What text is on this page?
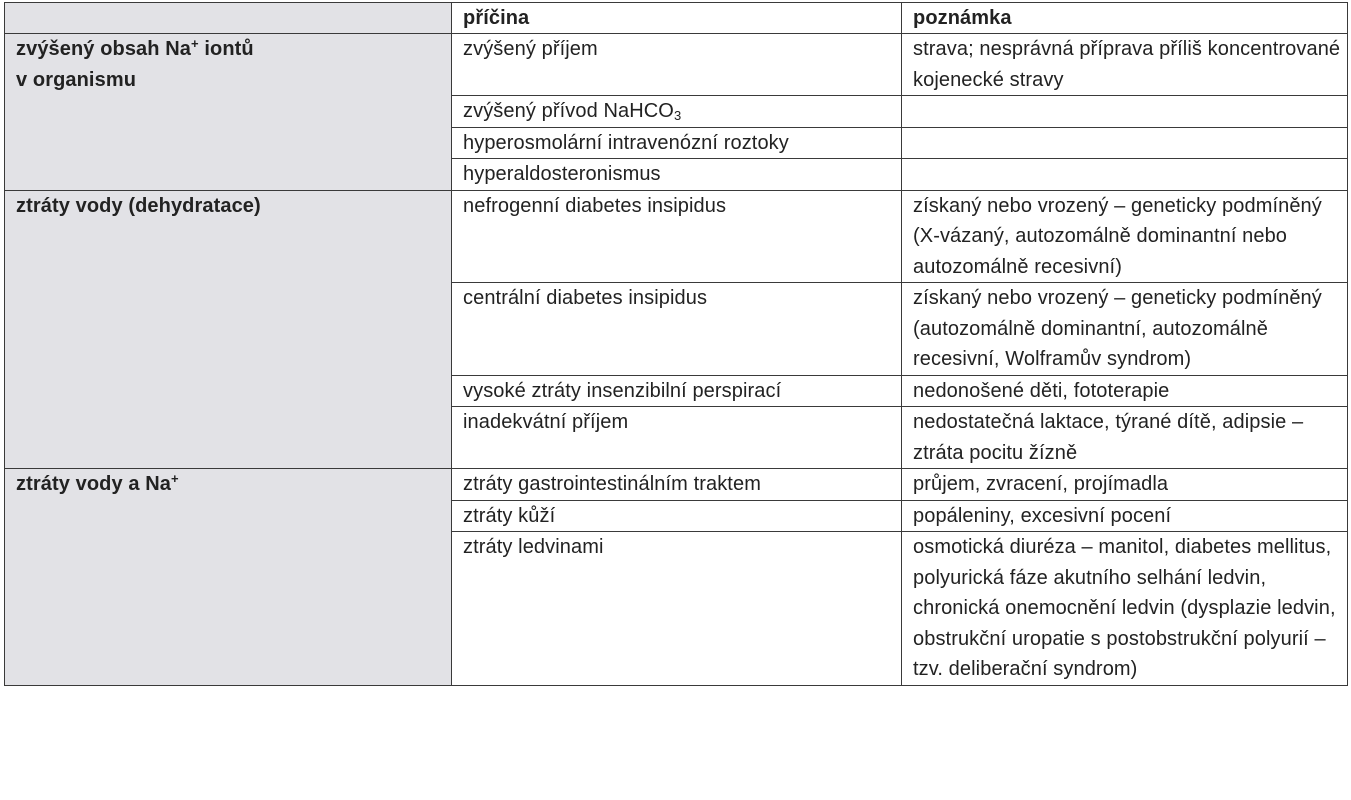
	příčina	poznámka
zvýšený obsah Na+ iontů
v organismu	zvýšený příjem	strava; nesprávná příprava příliš koncentrované kojenecké stravy
	zvýšený přívod NaHCO$_3$	
	hyperosmolární intravenózní roztoky	
	hyperaldosteronismus	
ztráty vody (dehydratace)	nefrogenní diabetes insipidus	získaný nebo vrozený – geneticky podmíněný (X-vázaný, autozomálně dominantní nebo autozomálně recesivní)
	centrální diabetes insipidus	získaný nebo vrozený – geneticky podmíněný (autozomálně dominantní, autozomálně recesivní, Wolframův syndrom)
	vysoké ztráty insenzibilní perspirací	nedonošené děti, fototerapie
	inadekvátní příjem	nedostatečná laktace, týrané dítě, adipsie – ztráta pocitu žízně
ztráty vody a Na+	ztráty gastrointestinálním traktem	průjem, zvracení, projímadla
	ztráty kůží	popáleniny, excesivní pocení
	ztráty ledvinami	osmotická diuréza – manitol, diabetes mellitus, polyurická fáze akutního selhání ledvin, chronická onemocnění ledvin (dysplazie ledvin, obstrukční uropatie s postobstrukční polyurií – tzv. deliberační syndrom)
